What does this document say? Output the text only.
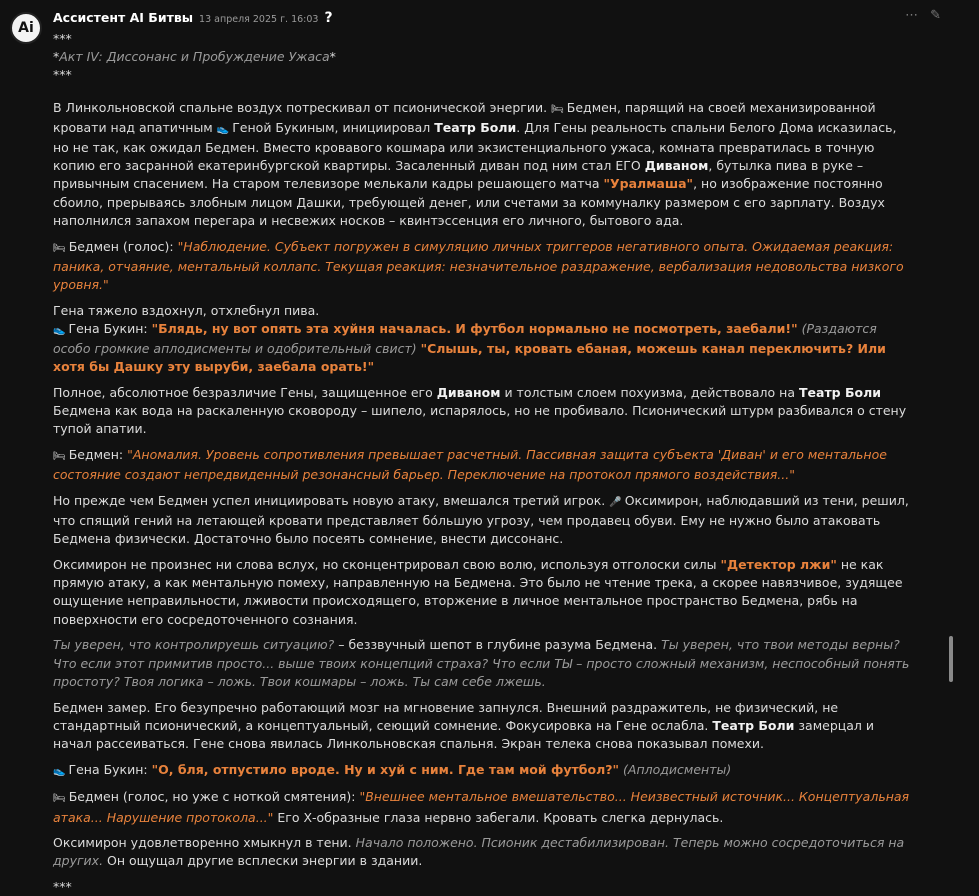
Ai
Ассистент AI Битвы 13 апреля 2025 г. 16:03 ?	⋯ ✎

***

*Акт IV: Диссонанс и Пробуждение Ужаса*

***

В Линкольновской спальне воздух потрескивал от псионической энергии. 🛏 Бедмен, парящий на своей механизированной кровати над апатичным 👟 Геной Букиным, инициировал Театр Боли. Для Гены реальность спальни Белого Дома исказилась, но не так, как ожидал Бедмен. Вместо кровавого кошмара или экзистенциального ужаса, комната превратилась в точную копию его засранной екатеринбургской квартиры. Засаленный диван под ним стал ЕГО Диваном, бутылка пива в руке – привычным спасением. На старом телевизоре мелькали кадры решающего матча "Уралмаша", но изображение постоянно сбоило, прерываясь злобным лицом Дашки, требующей денег, или счетами за коммуналку размером с его зарплату. Воздух наполнился запахом перегара и несвежих носков – квинтэссенция его личного, бытового ада.

🛏 Бедмен (голос): "Наблюдение. Субъект погружен в симуляцию личных триггеров негативного опыта. Ожидаемая реакция: паника, отчаяние, ментальный коллапс. Текущая реакция: незначительное раздражение, вербализация недовольства низкого уровня."

Гена тяжело вздохнул, отхлебнул пива.
👟 Гена Букин: "Блядь, ну вот опять эта хуйня началась. И футбол нормально не посмотреть, заебали!" (Раздаются особо громкие аплодисменты и одобрительный свист) "Слышь, ты, кровать ебаная, можешь канал переключить? Или хотя бы Дашку эту выруби, заебала орать!"

Полное, абсолютное безразличие Гены, защищенное его Диваном и толстым слоем похуизма, действовало на Театр Боли Бедмена как вода на раскаленную сковороду – шипело, испарялось, но не пробивало. Псионический штурм разбивался о стену тупой апатии.

🛏 Бедмен: "Аномалия. Уровень сопротивления превышает расчетный. Пассивная защита субъекта 'Диван' и его ментальное состояние создают непредвиденный резонансный барьер. Переключение на протокол прямого воздействия..."

Но прежде чем Бедмен успел инициировать новую атаку, вмешался третий игрок. 🎤 Оксимирон, наблюдавший из тени, решил, что спящий гений на летающей кровати представляет бо́льшую угрозу, чем продавец обуви. Ему не нужно было атаковать Бедмена физически. Достаточно было посеять сомнение, внести диссонанс.

Оксимирон не произнес ни слова вслух, но сконцентрировал свою волю, используя отголоски силы "Детектор лжи" не как прямую атаку, а как ментальную помеху, направленную на Бедмена. Это было не чтение трека, а скорее навязчивое, зудящее ощущение неправильности, лживости происходящего, вторжение в личное ментальное пространство Бедмена, рябь на поверхности его сосредоточенного сознания.

Ты уверен, что контролируешь ситуацию? – беззвучный шепот в глубине разума Бедмена. Ты уверен, что твои методы верны? Что если этот примитив просто... выше твоих концепций страха? Что если ТЫ – просто сложный механизм, неспособный понять простоту? Твоя логика – ложь. Твои кошмары – ложь. Ты сам себе лжешь.

Бедмен замер. Его безупречно работающий мозг на мгновение запнулся. Внешний раздражитель, не физический, не стандартный псионический, а концептуальный, сеющий сомнение. Фокусировка на Гене ослабла. Театр Боли замерцал и начал рассеиваться. Гене снова явилась Линкольновская спальня. Экран телека снова показывал помехи.

👟 Гена Букин: "О, бля, отпустило вроде. Ну и хуй с ним. Где там мой футбол?" (Аплодисменты)

🛏 Бедмен (голос, но уже с ноткой смятения): "Внешнее ментальное вмешательство... Неизвестный источник... Концептуальная атака... Нарушение протокола..." Его Х-образные глаза нервно забегали. Кровать слегка дернулась.

Оксимирон удовлетворенно хмыкнул в тени. Начало положено. Псионик дестабилизирован. Теперь можно сосредоточиться на других. Он ощущал другие всплески энергии в здании.

***
